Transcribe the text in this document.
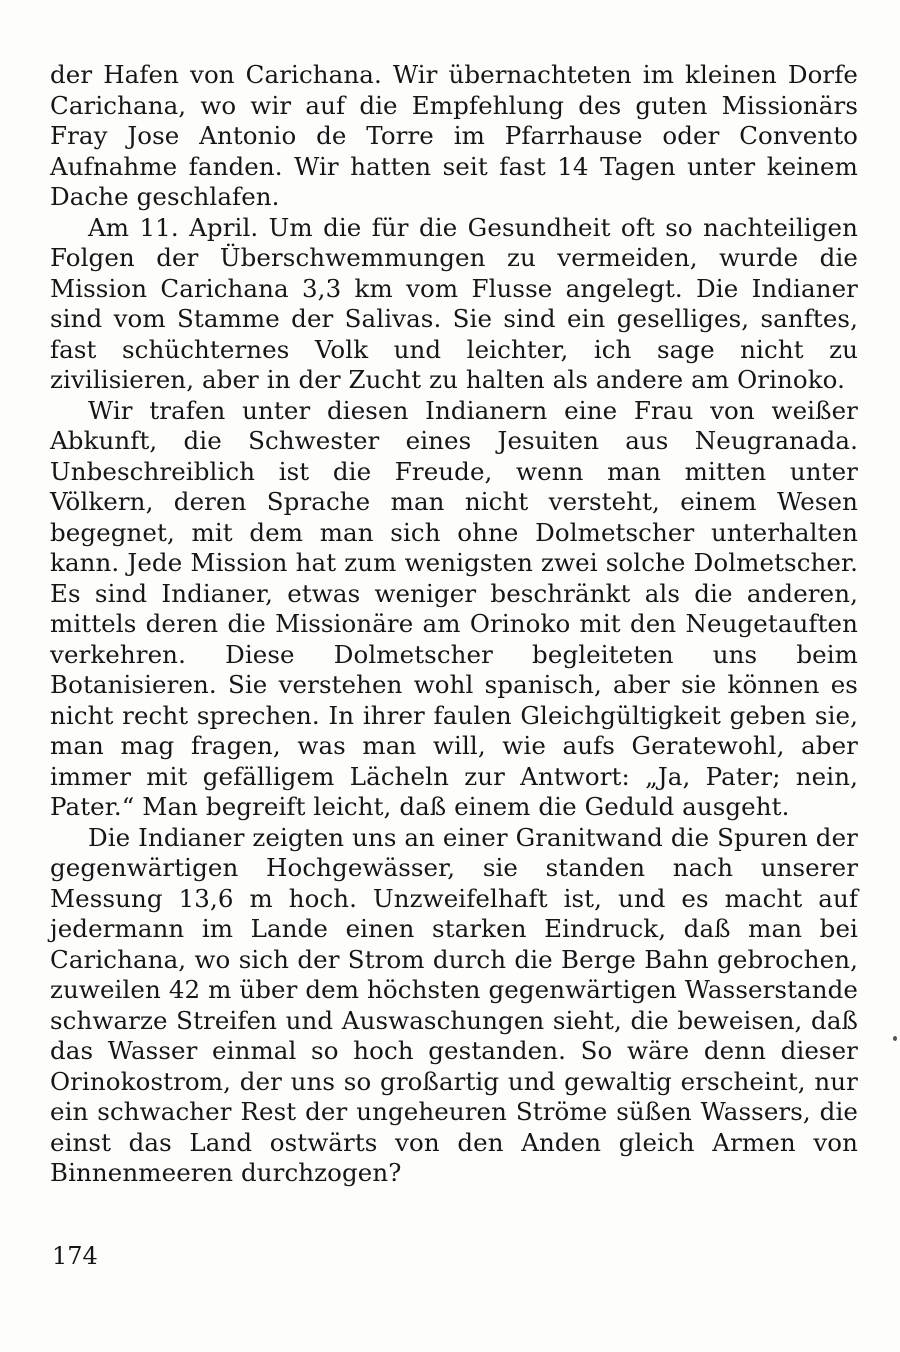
der Hafen von Carichana. Wir übernachteten im kleinen Dorfe Carichana, wo wir auf die Empfehlung des guten Missionärs Fray Jose Antonio de Torre im Pfarrhause oder Convento Aufnahme fanden. Wir hatten seit fast 14 Tagen unter keinem Dache geschlafen.

Am 11. April. Um die für die Gesundheit oft so nachteiligen Folgen der Überschwemmungen zu vermeiden, wurde die Mission Carichana 3,3 km vom Flusse angelegt. Die Indianer sind vom Stamme der Salivas. Sie sind ein geselliges, sanftes, fast schüchternes Volk und leichter, ich sage nicht zu zivilisieren, aber in der Zucht zu halten als andere am Orinoko.

Wir trafen unter diesen Indianern eine Frau von weißer Abkunft, die Schwester eines Jesuiten aus Neugranada. Unbeschreiblich ist die Freude, wenn man mitten unter Völkern, deren Sprache man nicht versteht, einem Wesen begegnet, mit dem man sich ohne Dolmetscher unterhalten kann. Jede Mission hat zum wenigsten zwei solche Dolmetscher. Es sind Indianer, etwas weniger beschränkt als die anderen, mittels deren die Missionäre am Orinoko mit den Neugetauften verkehren. Diese Dolmetscher begleiteten uns beim Botanisieren. Sie verstehen wohl spanisch, aber sie können es nicht recht sprechen. In ihrer faulen Gleichgültigkeit geben sie, man mag fragen, was man will, wie aufs Geratewohl, aber immer mit gefälligem Lächeln zur Antwort: „Ja, Pater; nein, Pater.“ Man begreift leicht, daß einem die Geduld ausgeht.

Die Indianer zeigten uns an einer Granitwand die Spuren der gegenwärtigen Hochgewässer, sie standen nach unserer Messung 13,6 m hoch. Unzweifelhaft ist, und es macht auf jedermann im Lande einen starken Eindruck, daß man bei Carichana, wo sich der Strom durch die Berge Bahn gebrochen, zuweilen 42 m über dem höchsten gegenwärtigen Wasserstande schwarze Streifen und Auswaschungen sieht, die beweisen, daß das Wasser einmal so hoch gestanden. So wäre denn dieser Orinokostrom, der uns so großartig und gewaltig erscheint, nur ein schwacher Rest der ungeheuren Ströme süßen Wassers, die einst das Land ostwärts von den Anden gleich Armen von Binnenmeeren durchzogen?

174
